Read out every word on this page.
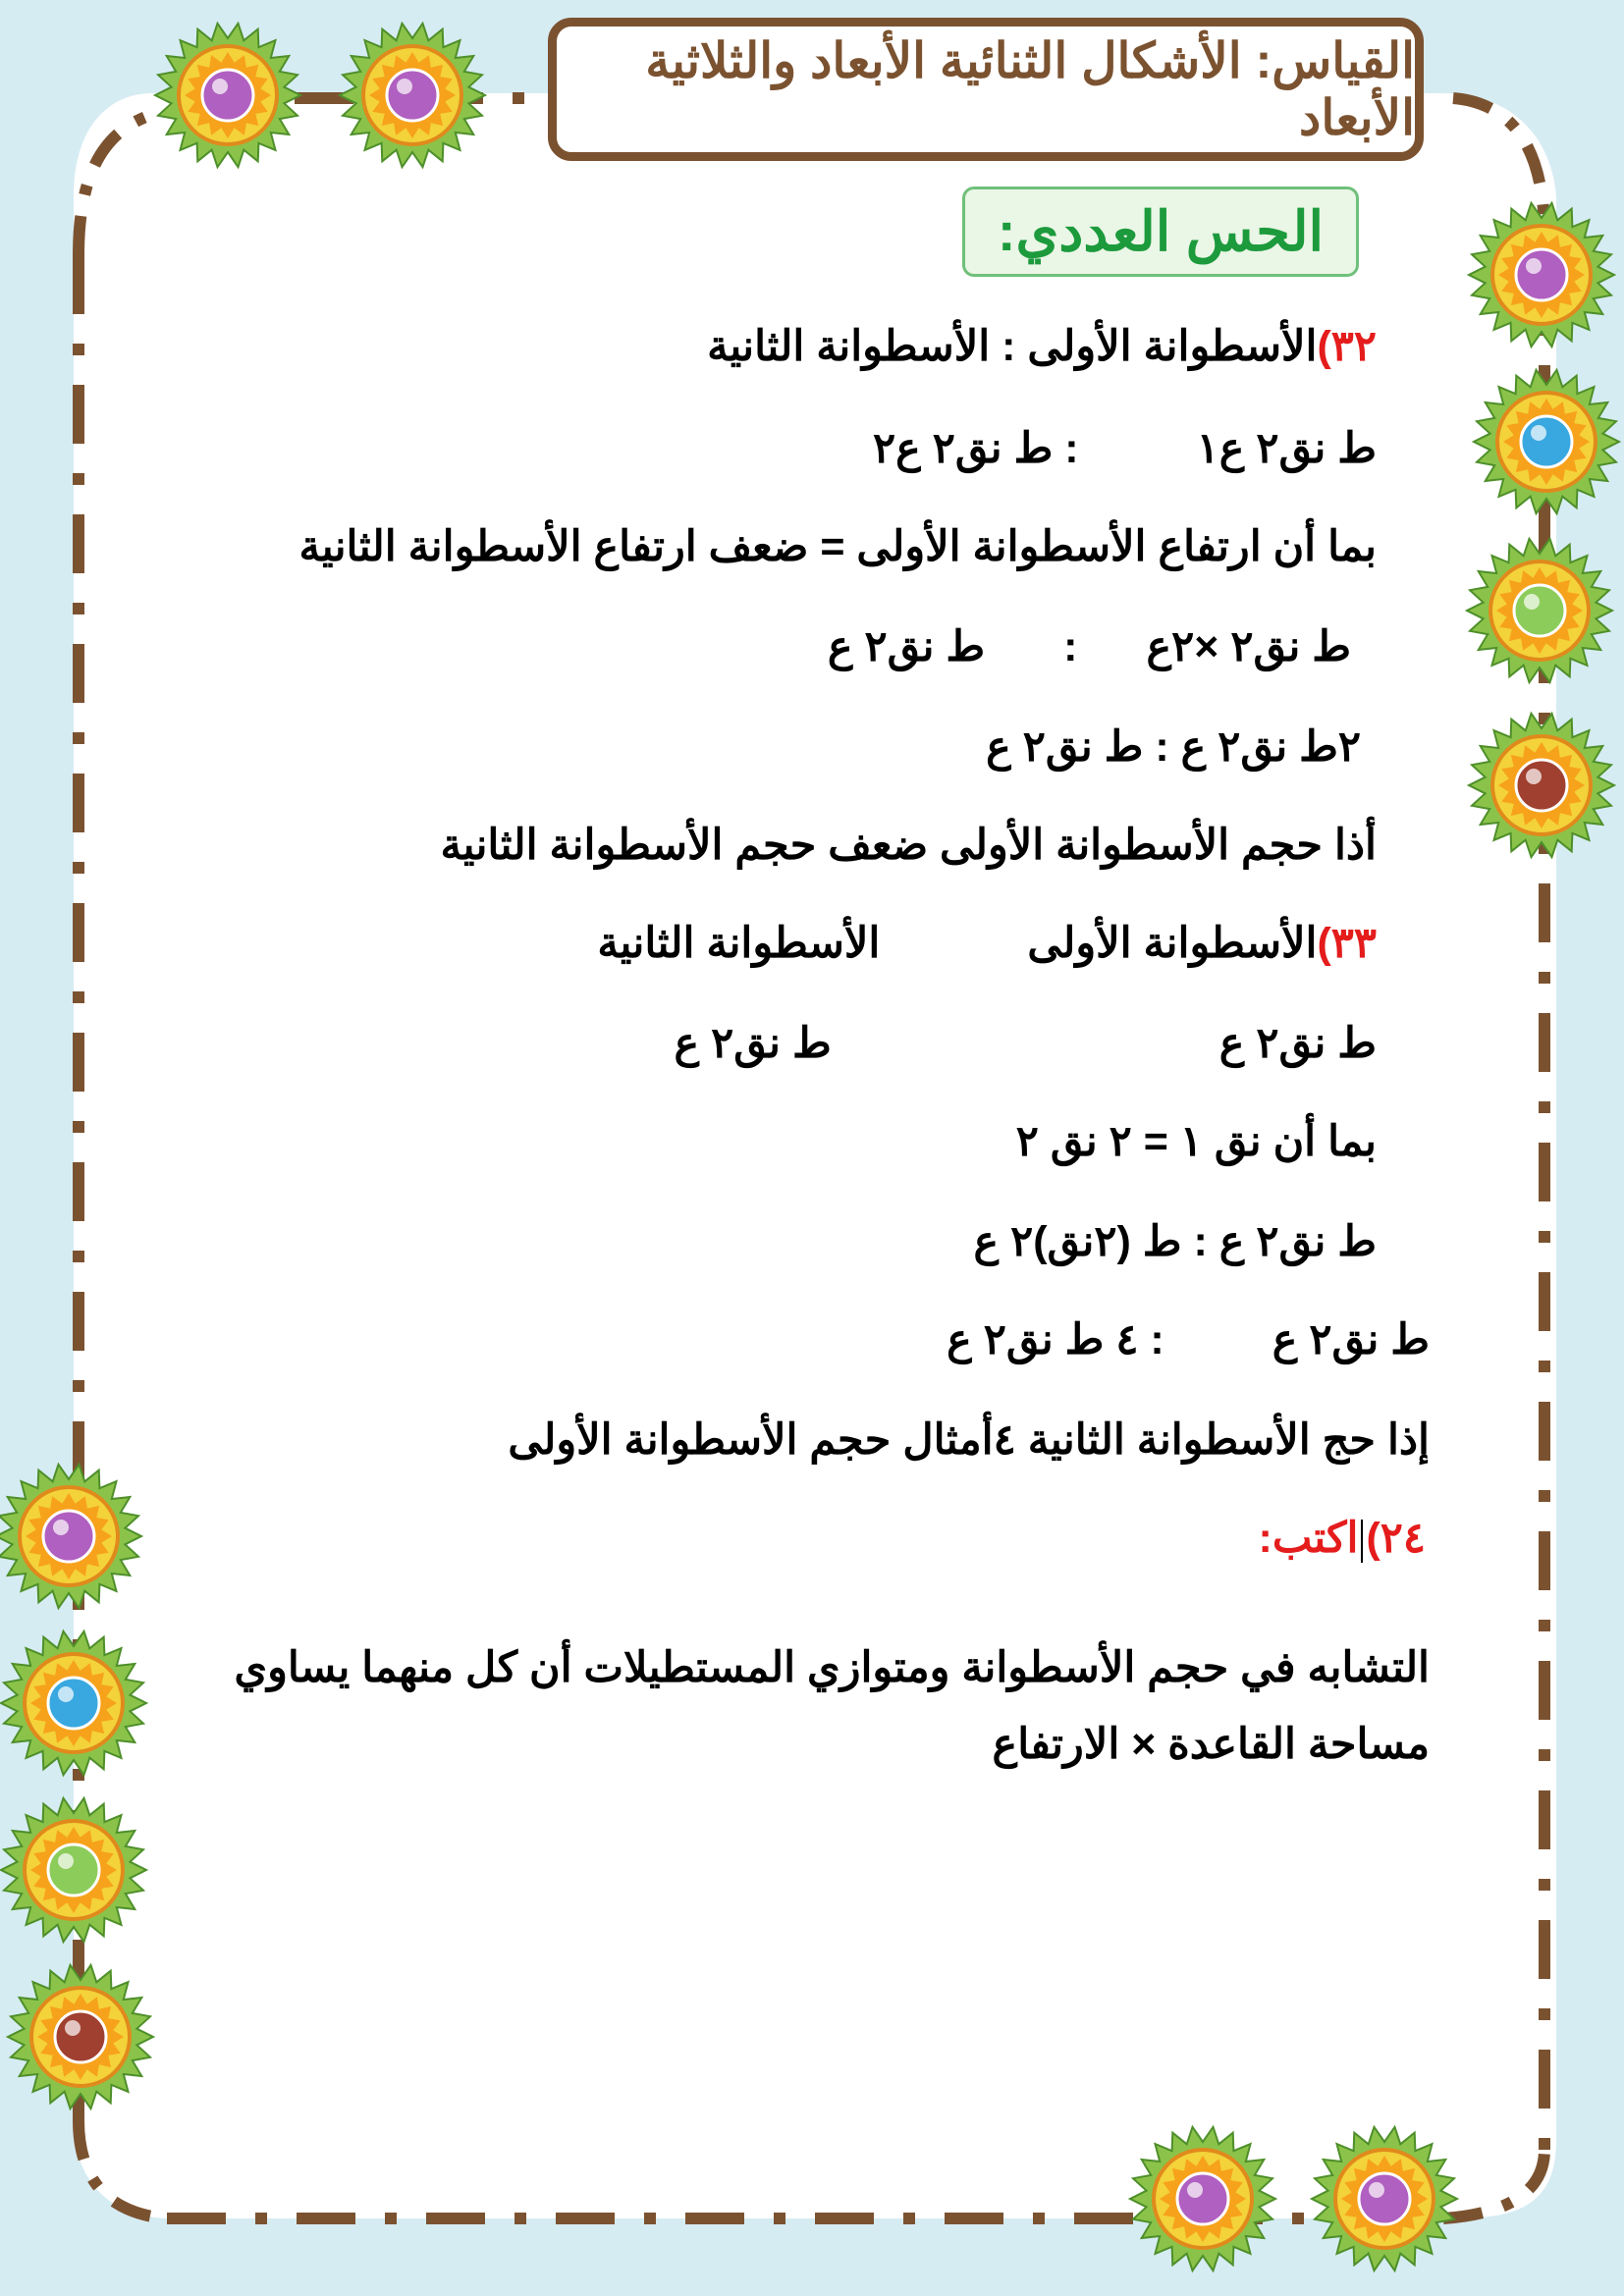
القياس: الأشكال الثنائية الأبعاد والثلاثية الأبعاد
الحس العددي:
٣٢)الأسطوانة الأولى : الأسطوانة الثانية
ط نق٢ ع١: ط نق٢ ع٢
بما أن ارتفاع الأسطوانة الأولى = ضعف ارتفاع الأسطوانة الثانية
ط نق٢ ×٢ع:ط نق٢ ع
٢ط نق٢ ع : ط نق٢ ع
أذا حجم الأسطوانة الأولى ضعف حجم الأسطوانة الثانية
٣٣)الأسطوانة الأولىالأسطوانة الثانية
ط نق٢ عط نق٢ ع
بما أن نق ١ = ٢ نق ٢
ط نق٢ ع : ط (٢نق)٢ ع
ط نق٢ ع: ٤ ط نق٢ ع
إذا حج الأسطوانة الثانية ٤أمثال حجم الأسطوانة الأولى
٢٤)اكتب:
التشابه في حجم الأسطوانة ومتوازي المستطيلات أن كل منهما يساوي
مساحة القاعدة × الارتفاع
